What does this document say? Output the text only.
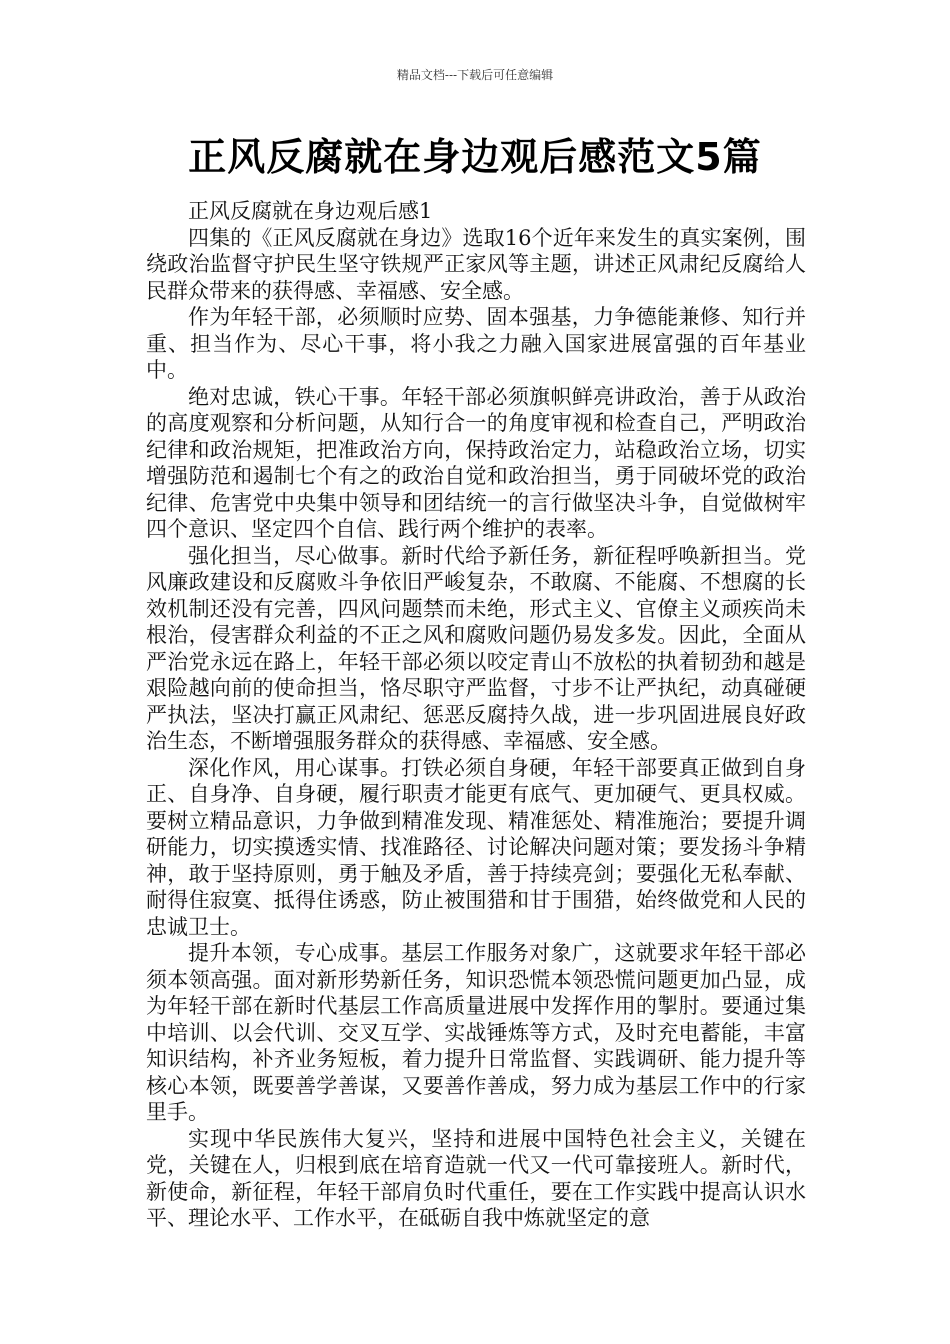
精品文档---下载后可任意编辑
正风反腐就在身边观后感范文5篇

正风反腐就在身边观后感1

四集的《正风反腐就在身边》选取16个近年来发生的真实案例，围绕政治监督守护民生坚守铁规严正家风等主题，讲述正风肃纪反腐给人民群众带来的获得感、幸福感、安全感。

作为年轻干部，必须顺时应势、固本强基，力争德能兼修、知行并重、担当作为、尽心干事，将小我之力融入国家进展富强的百年基业中。

绝对忠诚，铁心干事。年轻干部必须旗帜鲜亮讲政治，善于从政治的高度观察和分析问题，从知行合一的角度审视和检查自己，严明政治纪律和政治规矩，把准政治方向，保持政治定力，站稳政治立场，切实增强防范和遏制七个有之的政治自觉和政治担当，勇于同破坏党的政治纪律、危害党中央集中领导和团结统一的言行做坚决斗争，自觉做树牢四个意识、坚定四个自信、践行两个维护的表率。

强化担当，尽心做事。新时代给予新任务，新征程呼唤新担当。党风廉政建设和反腐败斗争依旧严峻复杂，不敢腐、不能腐、不想腐的长效机制还没有完善，四风问题禁而未绝，形式主义、官僚主义顽疾尚未根治，侵害群众利益的不正之风和腐败问题仍易发多发。因此，全面从严治党永远在路上，年轻干部必须以咬定青山不放松的执着韧劲和越是艰险越向前的使命担当，恪尽职守严监督，寸步不让严执纪，动真碰硬严执法，坚决打赢正风肃纪、惩恶反腐持久战，进一步巩固进展良好政治生态，不断增强服务群众的获得感、幸福感、安全感。

深化作风，用心谋事。打铁必须自身硬，年轻干部要真正做到自身正、自身净、自身硬，履行职责才能更有底气、更加硬气、更具权威。要树立精品意识，力争做到精准发现、精准惩处、精准施治；要提升调研能力，切实摸透实情、找准路径、讨论解决问题对策；要发扬斗争精神，敢于坚持原则，勇于触及矛盾，善于持续亮剑；要强化无私奉献、耐得住寂寞、抵得住诱惑，防止被围猎和甘于围猎，始终做党和人民的忠诚卫士。

提升本领，专心成事。基层工作服务对象广，这就要求年轻干部必须本领高强。面对新形势新任务，知识恐慌本领恐慌问题更加凸显，成为年轻干部在新时代基层工作高质量进展中发挥作用的掣肘。要通过集中培训、以会代训、交叉互学、实战锤炼等方式，及时充电蓄能，丰富知识结构，补齐业务短板，着力提升日常监督、实践调研、能力提升等核心本领，既要善学善谋，又要善作善成，努力成为基层工作中的行家里手。

实现中华民族伟大复兴，坚持和进展中国特色社会主义，关键在党，关键在人，归根到底在培育造就一代又一代可靠接班人。新时代，新使命，新征程，年轻干部肩负时代重任，要在工作实践中提高认识水平、理论水平、工作水平，在砥砺自我中炼就坚定的意
